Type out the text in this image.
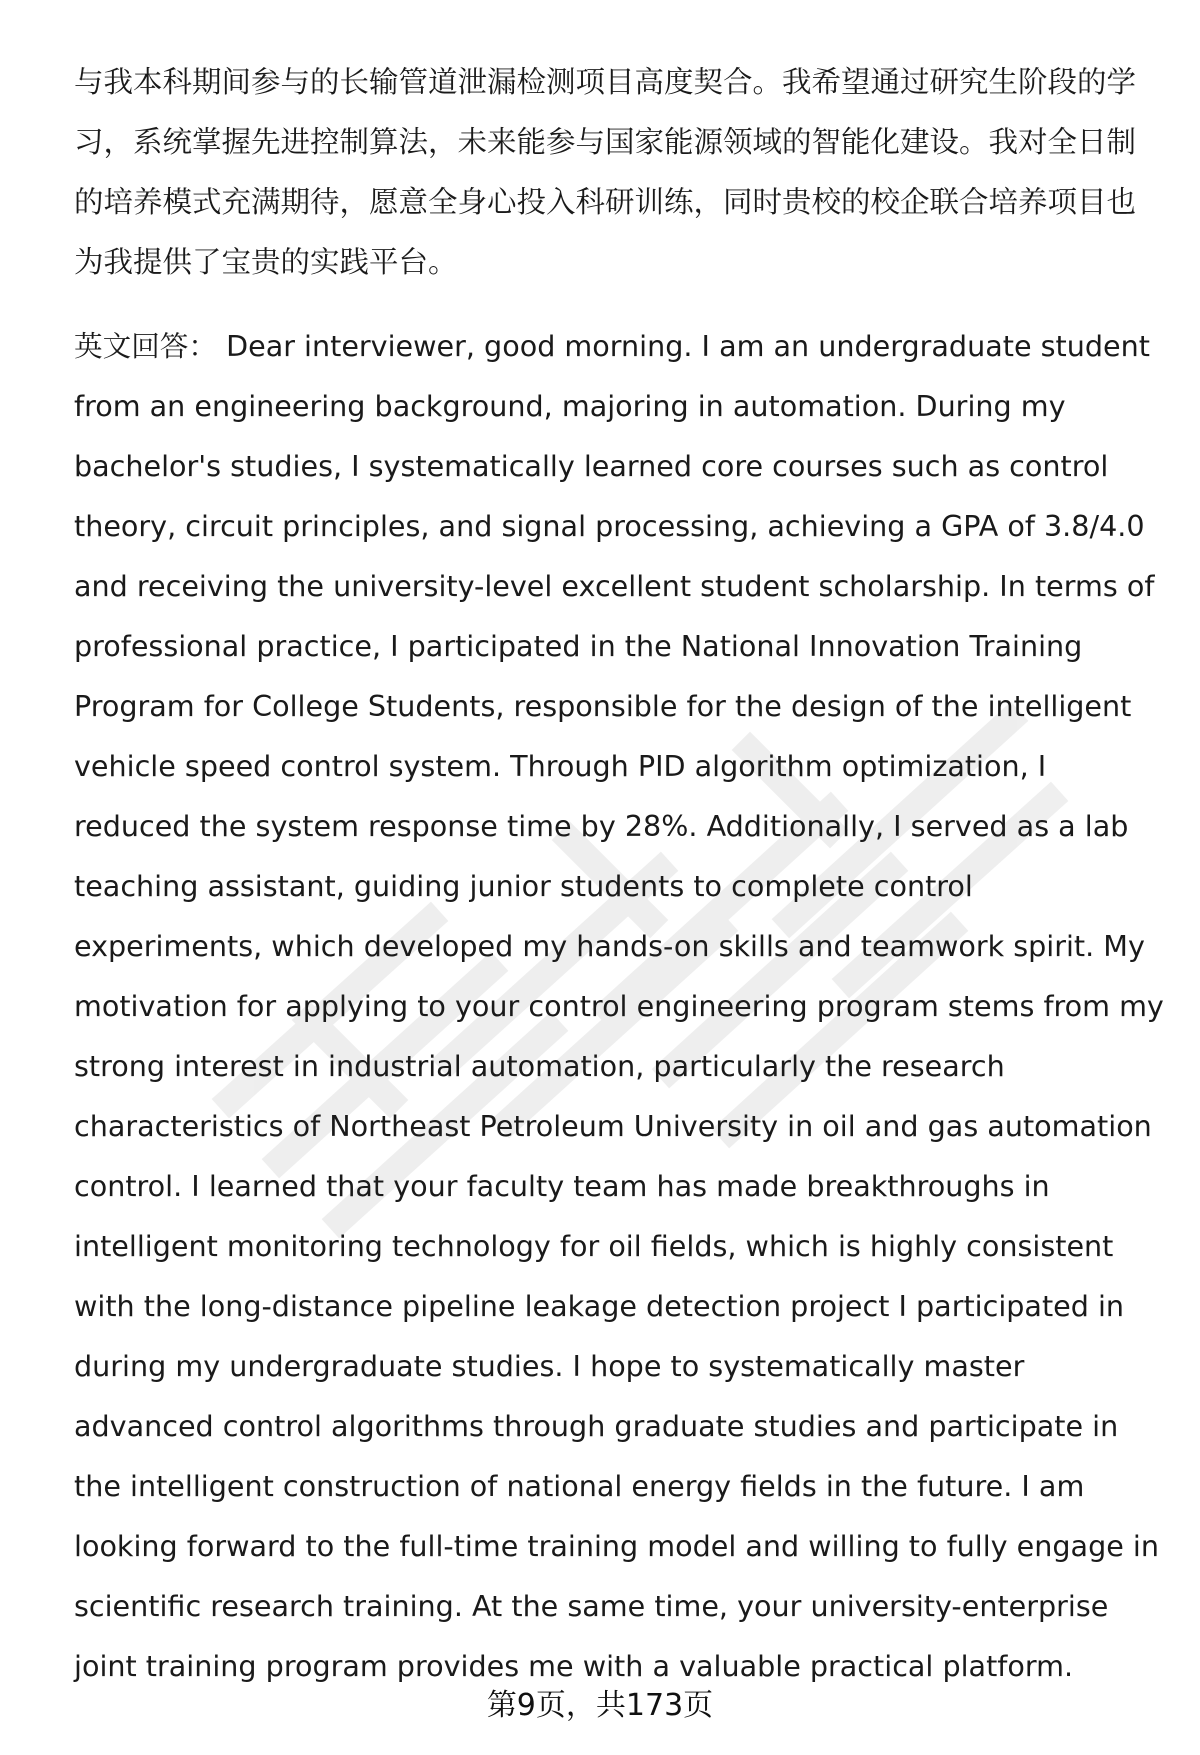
与我本科期间参与的长输管道泄漏检测项目高度契合。我希望通过研究生阶段的学习，系统掌握先进控制算法，未来能参与国家能源领域的智能化建设。我对全日制的培养模式充满期待，愿意全身心投入科研训练，同时贵校的校企联合培养项目也为我提供了宝贵的实践平台。

英文回答： Dear interviewer, good morning. I am an undergraduate student from an engineering background, majoring in automation. During my bachelor's studies, I systematically learned core courses such as control theory, circuit principles, and signal processing, achieving a GPA of 3.8/4.0 and receiving the university-level excellent student scholarship. In terms of professional practice, I participated in the National Innovation Training Program for College Students, responsible for the design of the intelligent vehicle speed control system. Through PID algorithm optimization, I reduced the system response time by 28%. Additionally, I served as a lab teaching assistant, guiding junior students to complete control experiments, which developed my hands-on skills and teamwork spirit. My motivation for applying to your control engineering program stems from my strong interest in industrial automation, particularly the research characteristics of Northeast Petroleum University in oil and gas automation control. I learned that your faculty team has made breakthroughs in intelligent monitoring technology for oil fields, which is highly consistent with the long-distance pipeline leakage detection project I participated in during my undergraduate studies. I hope to systematically master advanced control algorithms through graduate studies and participate in the intelligent construction of national energy fields in the future. I am looking forward to the full-time training model and willing to fully engage in scientific research training. At the same time, your university-enterprise joint training program provides me with a valuable practical platform.

第9页，共173页
